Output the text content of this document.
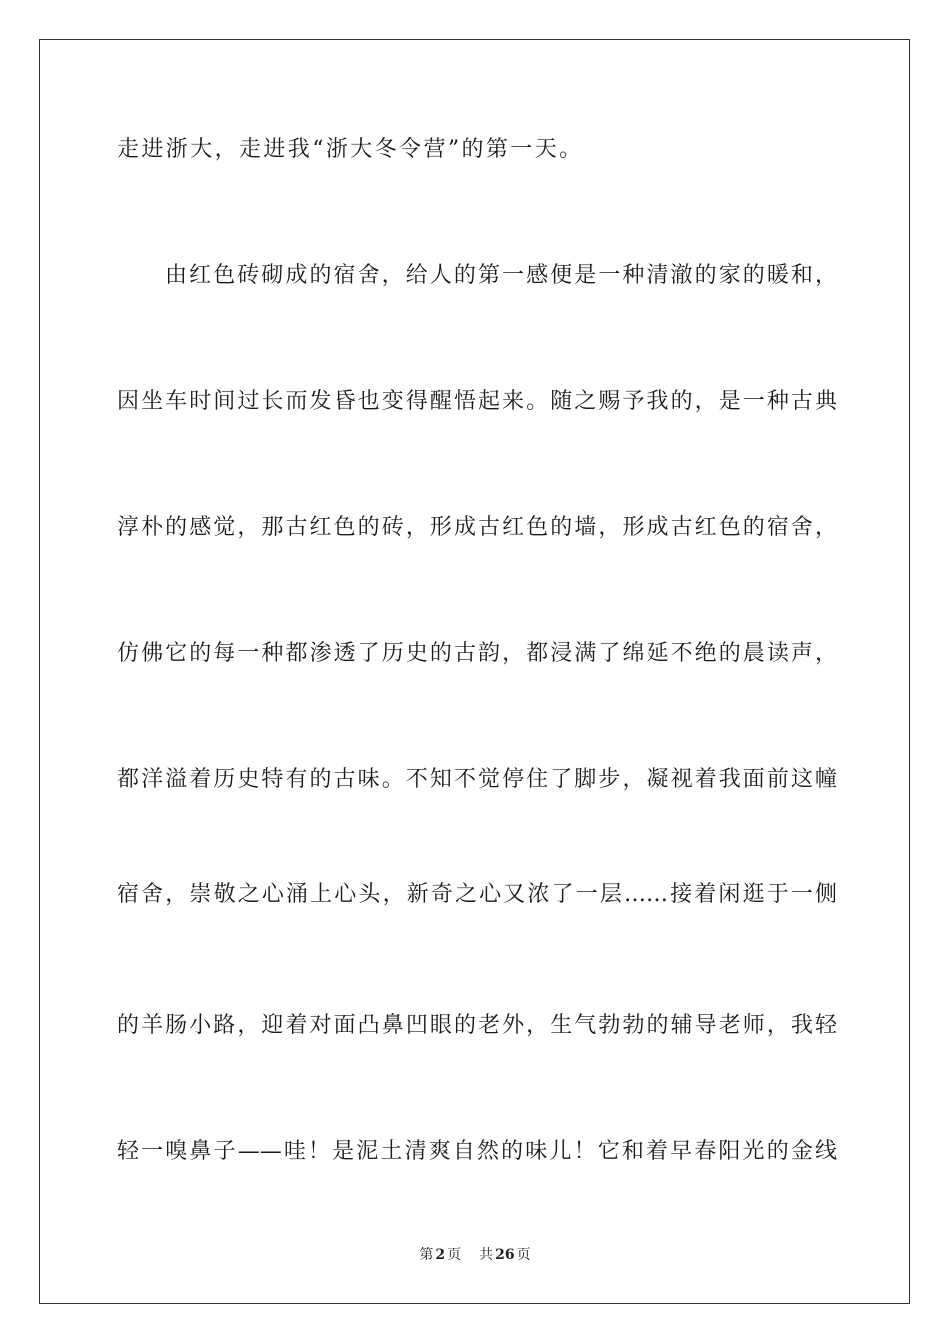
走进浙大，走进我“浙大冬令营”的第一天。
由红色砖砌成的宿舍，给人的第一感便是一种清澈的家的暖和，
因坐车时间过长而发昏也变得醒悟起来。随之赐予我的，是一种古典
淳朴的感觉，那古红色的砖，形成古红色的墙，形成古红色的宿舍，
仿佛它的每一种都渗透了历史的古韵，都浸满了绵延不绝的晨读声，
都洋溢着历史特有的古味。不知不觉停住了脚步，凝视着我面前这幢
宿舍，崇敬之心涌上心头，新奇之心又浓了一层……接着闲逛于一侧
的羊肠小路，迎着对面凸鼻凹眼的老外，生气勃勃的辅导老师，我轻
轻一嗅鼻子——哇！是泥土清爽自然的味儿！它和着早春阳光的金线
第 2 页 共 26 页
